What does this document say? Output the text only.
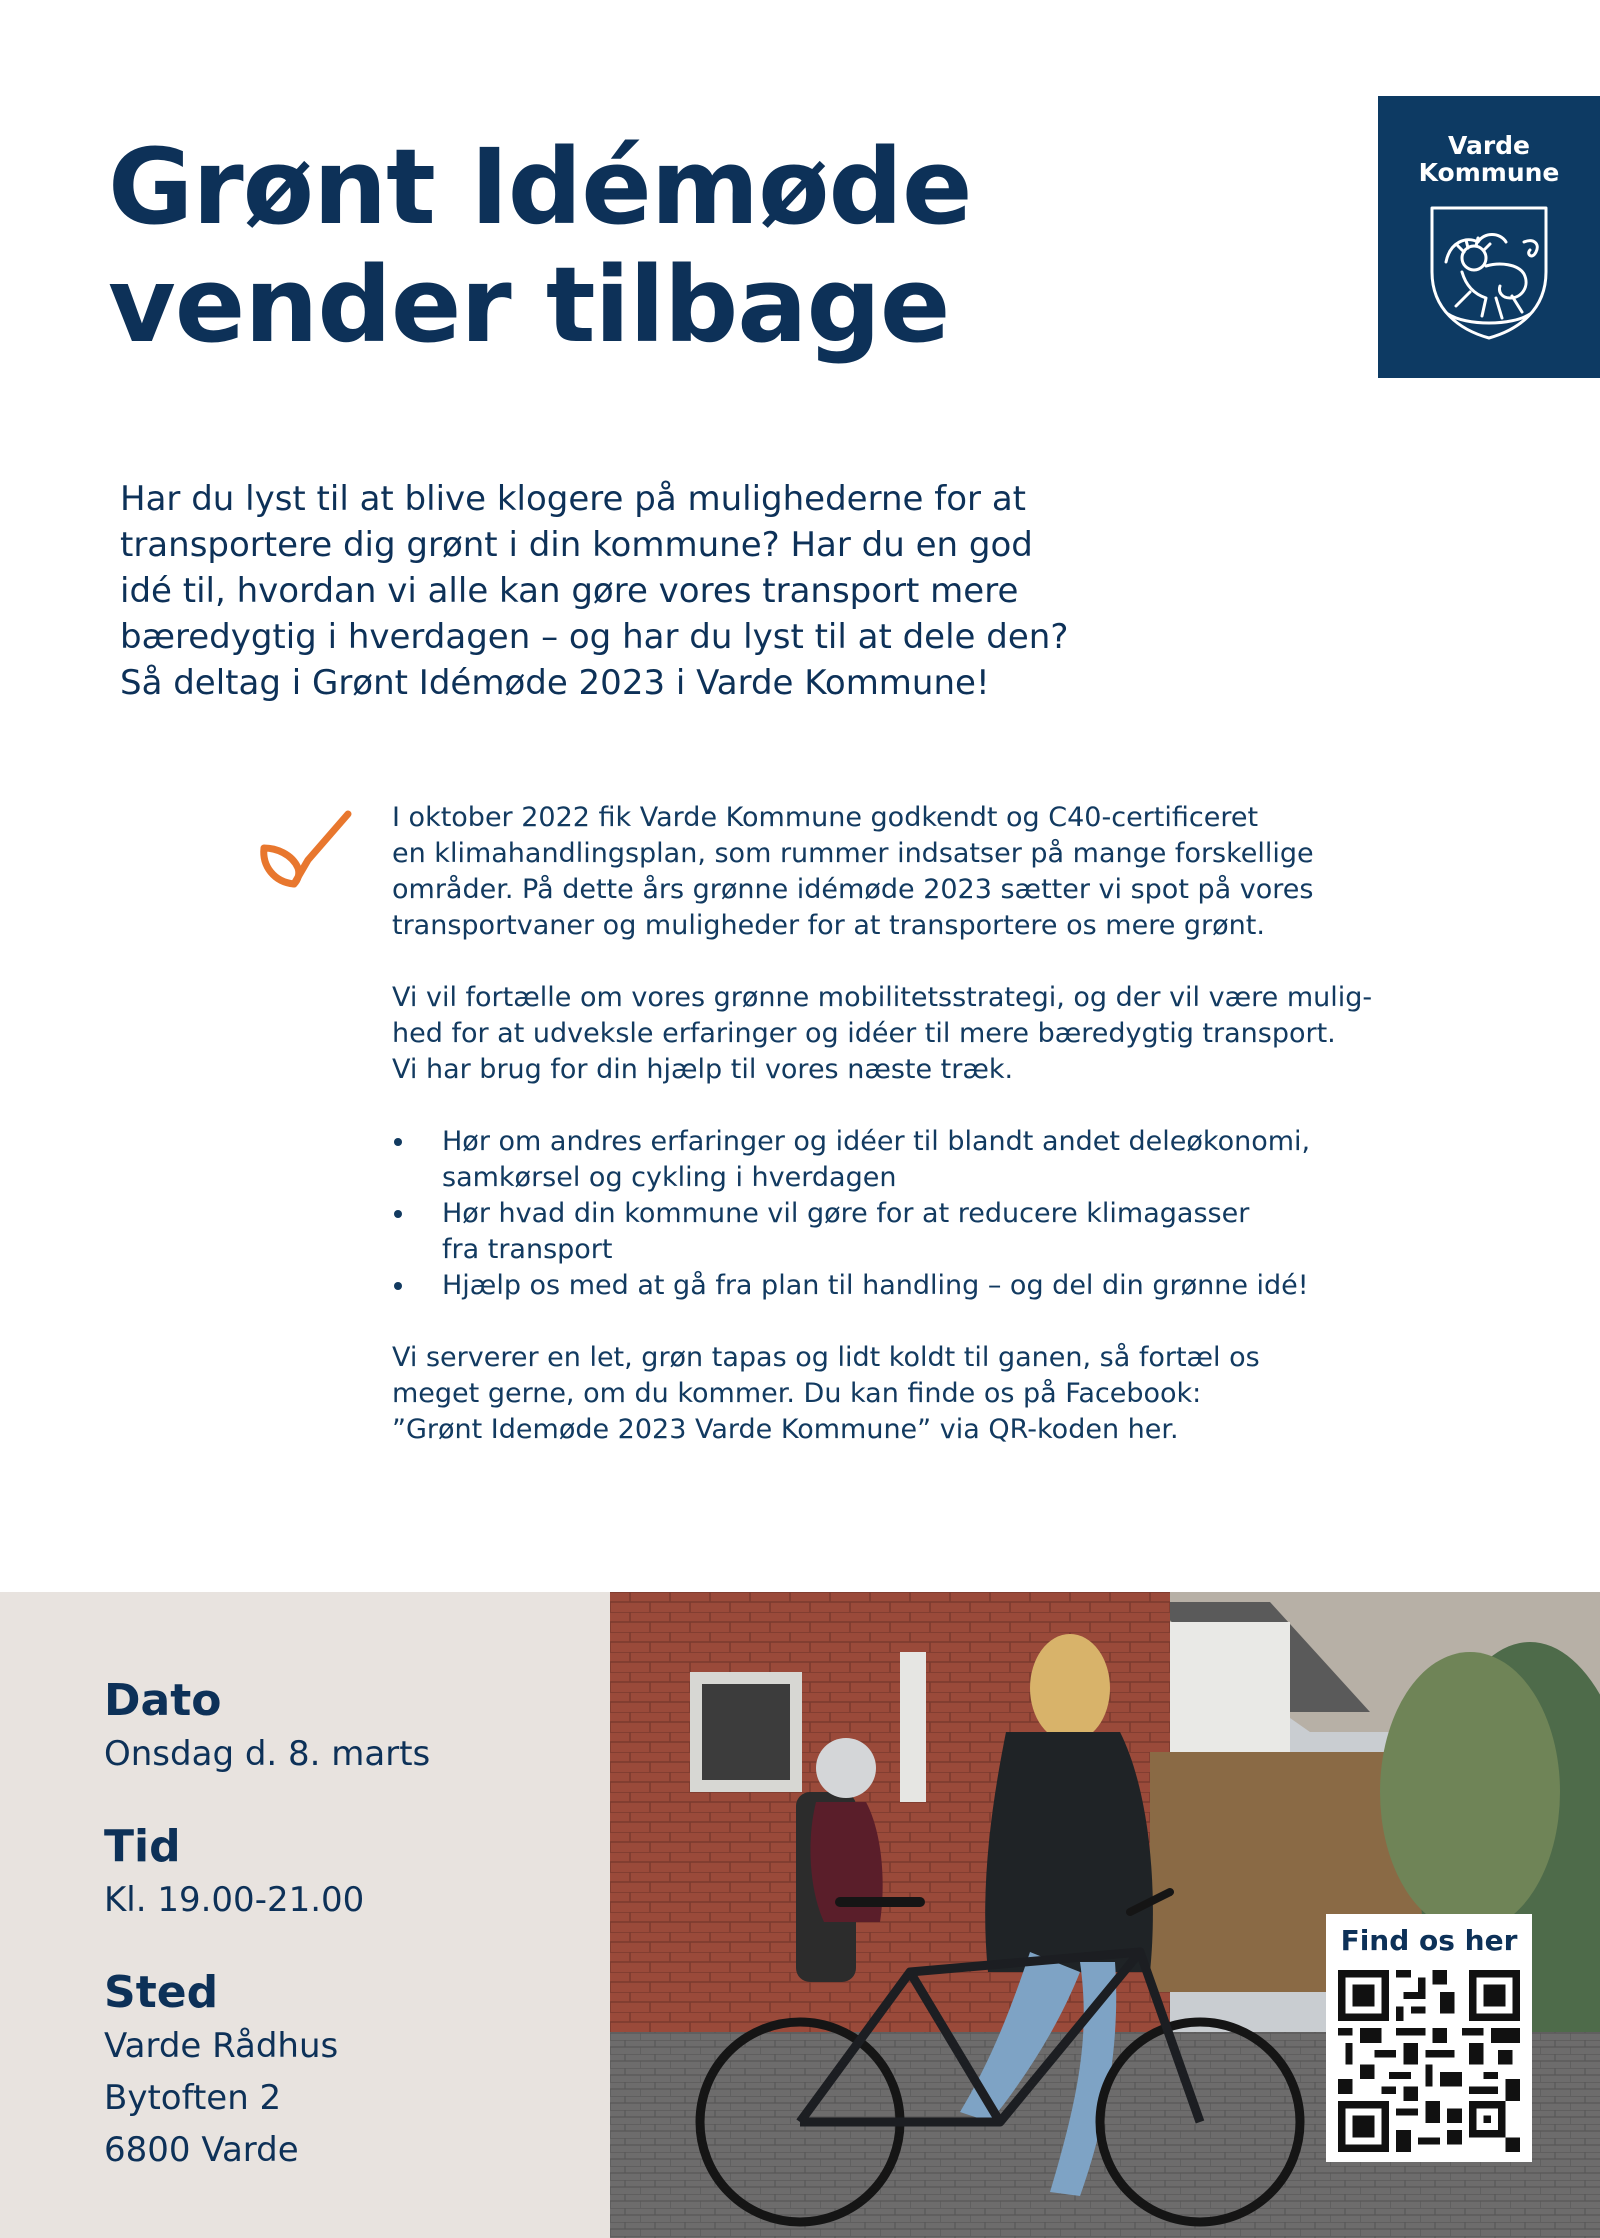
Grønt Idémøde
vender tilbage
Varde
Kommune
Har du lyst til at blive klogere på mulighederne for at
transportere dig grønt i din kommune? Har du en god
idé til, hvordan vi alle kan gøre vores transport mere
bæredygtig i hverdagen – og har du lyst til at dele den?
Så deltag i Grønt Idémøde 2023 i Varde Kommune!
I oktober 2022 fik Varde Kommune godkendt og C40-certificeret
en klimahandlingsplan, som rummer indsatser på mange forskellige
områder. På dette års grønne idémøde 2023 sætter vi spot på vores
transportvaner og muligheder for at transportere os mere grønt.
Vi vil fortælle om vores grønne mobilitetsstrategi, og der vil være mulig-
hed for at udveksle erfaringer og idéer til mere bæredygtig transport.
Vi har brug for din hjælp til vores næste træk.
Hør om andres erfaringer og idéer til blandt andet deleøkonomi,
samkørsel og cykling i hverdagen
Hør hvad din kommune vil gøre for at reducere klimagasser
fra transport
Hjælp os med at gå fra plan til handling – og del din grønne idé!
Vi serverer en let, grøn tapas og lidt koldt til ganen, så fortæl os
meget gerne, om du kommer. Du kan finde os på Facebook:
”Grønt Idemøde 2023 Varde Kommune” via QR-koden her.
Dato
Onsdag d. 8. marts
Tid
Kl. 19.00-21.00
Sted
Varde Rådhus
Bytoften 2
6800 Varde
Find os her
